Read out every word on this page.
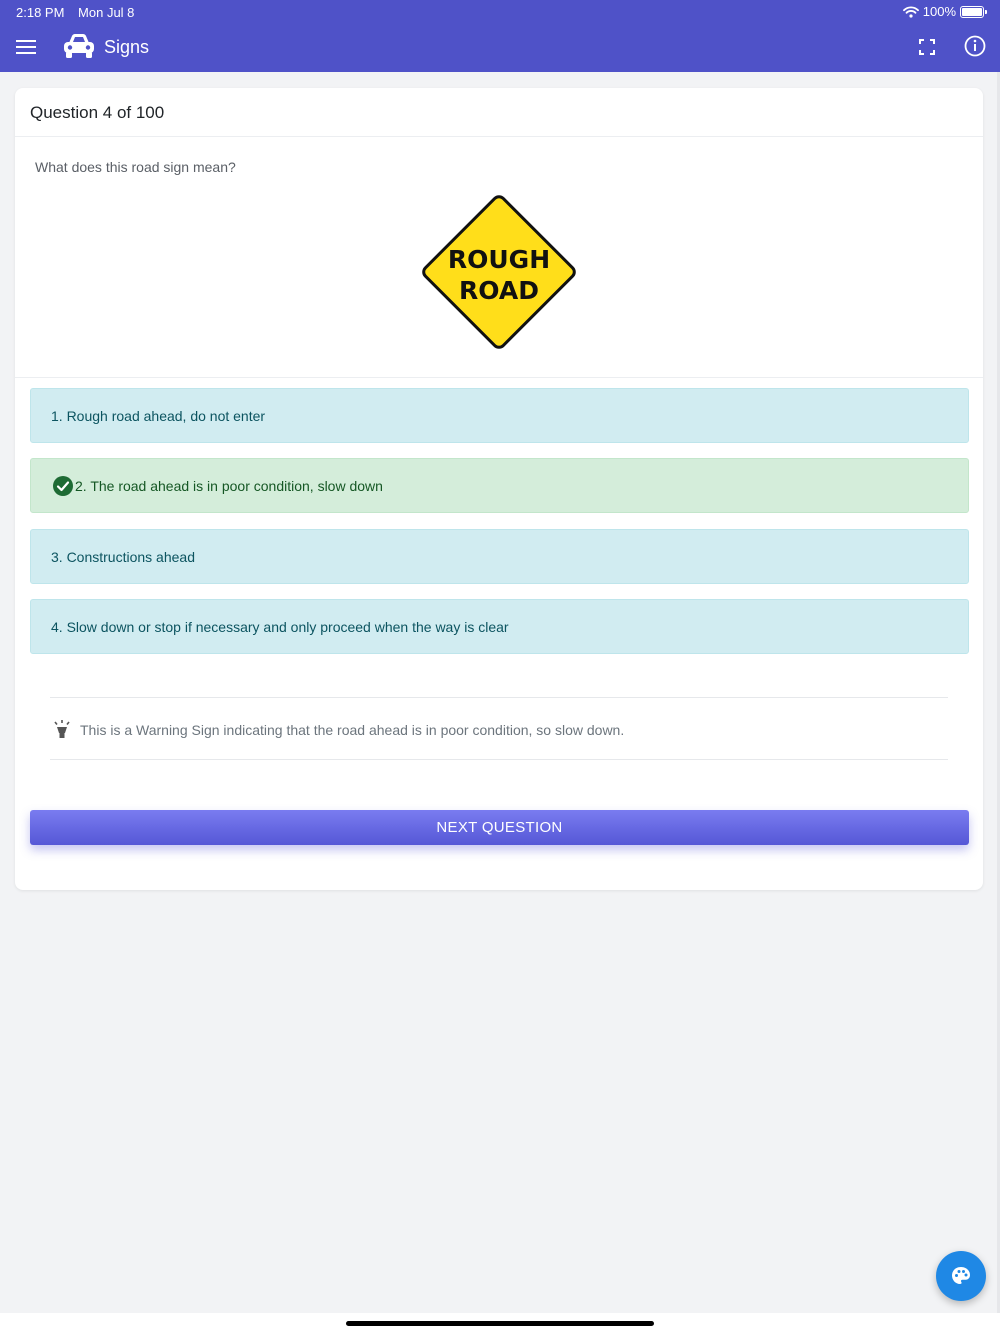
2:18 PM Mon Jul 8	100%
Signs
Question 4 of 100
What does this road sign mean?
ROUGH
ROAD
1. Rough road ahead, do not enter
2. The road ahead is in poor condition, slow down
3. Constructions ahead
4. Slow down or stop if necessary and only proceed when the way is clear
This is a Warning Sign indicating that the road ahead is in poor condition, so slow down.
NEXT QUESTION
